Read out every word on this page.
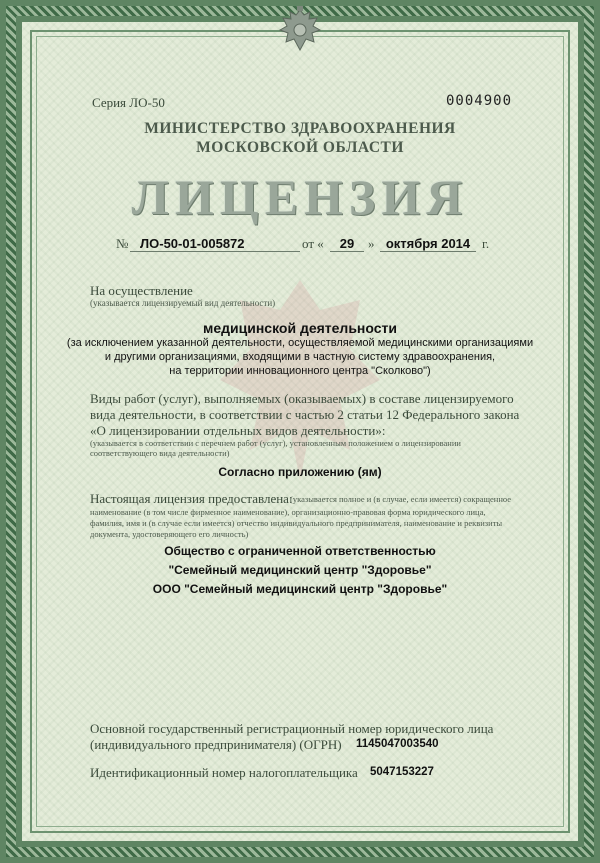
Серия ЛО-50	0004900
МИНИСТЕРСТВО ЗДРАВООХРАНЕНИЯ
МОСКОВСКОЙ ОБЛАСТИ
ЛИЦЕНЗИЯ
№ ЛО-50-01-005872	от «	29	» октября 2014 г.
На осуществление
(указывается лицензируемый вид деятельности)
медицинской деятельности
(за исключением указанной деятельности, осуществляемой медицинскими организациями
и другими организациями, входящими в частную систему здравоохранения,
на территории инновационного центра "Сколково")
Виды работ (услуг), выполняемых (оказываемых) в составе лицензируемого
вида деятельности, в соответствии с частью 2 статьи 12 Федерального закона
«О лицензировании отдельных видов деятельности»:
(указывается в соответствии с перечнем работ (услуг), установленным положением о лицензировании
соответствующего вида деятельности)
Согласно приложению (ям)
Настоящая лицензия предоставлена:
(указывается полное и (в случае, если имеется) сокращенное
наименование (в том числе фирменное наименование), организационно-правовая форма юридического лица,
фамилия, имя и (в случае если имеется) отчество индивидуального предпринимателя, наименование и реквизиты
документа, удостоверяющего его личность)
Общество с ограниченной ответственностью
"Семейный медицинский центр "Здоровье"
ООО "Семейный медицинский центр "Здоровье"
Основной государственный регистрационный номер юридического лица
(индивидуального предпринимателя) (ОГРН) 1145047003540
Идентификационный номер налогоплательщика 5047153227
